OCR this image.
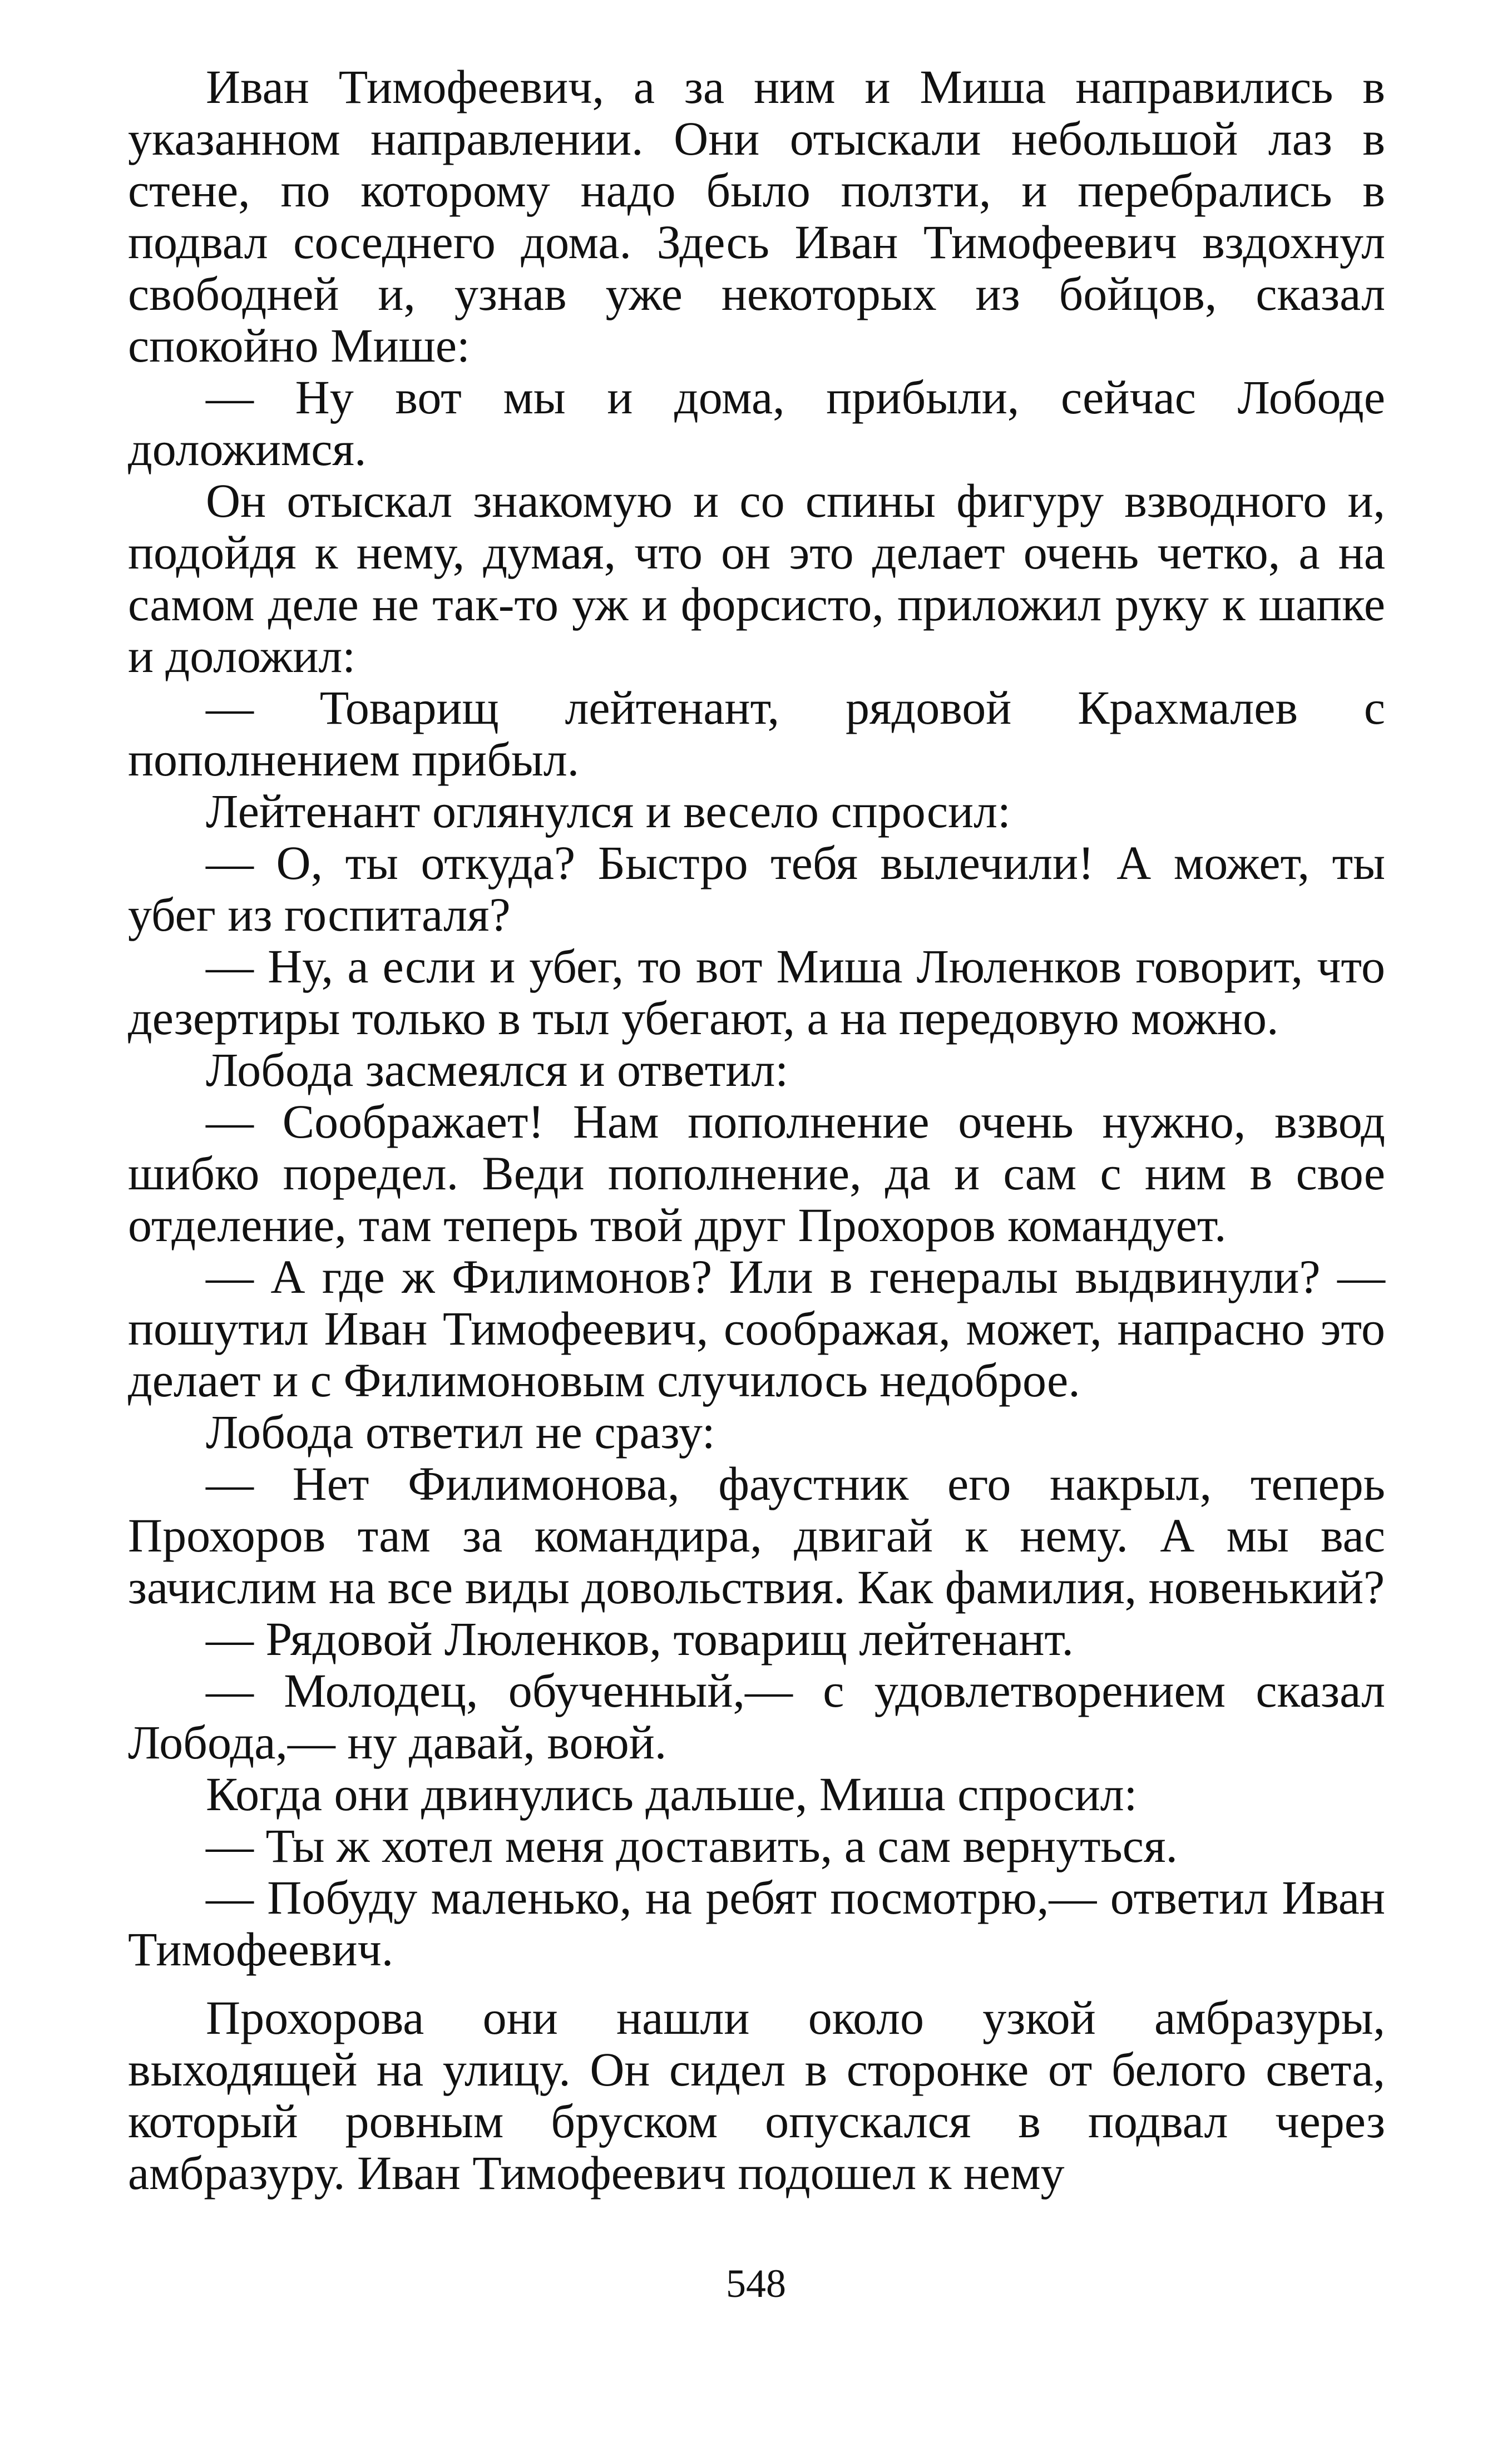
Иван Тимофеевич, а за ним и Миша направились в указанном направлении. Они отыскали небольшой лаз в стене, по которому надо было ползти, и перебрались в подвал соседнего дома. Здесь Иван Тимофеевич вздохнул свободней и, узнав уже некоторых из бойцов, сказал спокойно Мише:

— Ну вот мы и дома, прибыли, сейчас Лободе доложимся.

Он отыскал знакомую и со спины фигуру взводного и, подойдя к нему, думая, что он это делает очень четко, а на самом деле не так-то уж и форсисто, приложил руку к шапке и доложил:

— Товарищ лейтенант, рядовой Крахмалев с пополнением прибыл.

Лейтенант оглянулся и весело спросил:

— О, ты откуда? Быстро тебя вылечили! А может, ты убег из госпиталя?

— Ну, а если и убег, то вот Миша Люленков говорит, что дезертиры только в тыл убегают, а на передовую можно.

Лобода засмеялся и ответил:

— Соображает! Нам пополнение очень нужно, взвод шибко поредел. Веди пополнение, да и сам с ним в свое отделение, там теперь твой друг Прохоров командует.

— А где ж Филимонов? Или в генералы выдвинули? — пошутил Иван Тимофеевич, соображая, может, напрасно это делает и с Филимоновым случилось недоброе.

Лобода ответил не сразу:

— Нет Филимонова, фаустник его накрыл, теперь Прохоров там за командира, двигай к нему. А мы вас зачислим на все виды довольствия. Как фамилия, новенький?

— Рядовой Люленков, товарищ лейтенант.

— Молодец, обученный,— с удовлетворением сказал Лобода,— ну давай, воюй.

Когда они двинулись дальше, Миша спросил:

— Ты ж хотел меня доставить, а сам вернуться.

— Побуду маленько, на ребят посмотрю,— ответил Иван Тимофеевич.

Прохорова они нашли около узкой амбразуры, выходящей на улицу. Он сидел в сторонке от белого света, который ровным бруском опускался в подвал через амбразуру. Иван Тимофеевич подошел к нему

548
